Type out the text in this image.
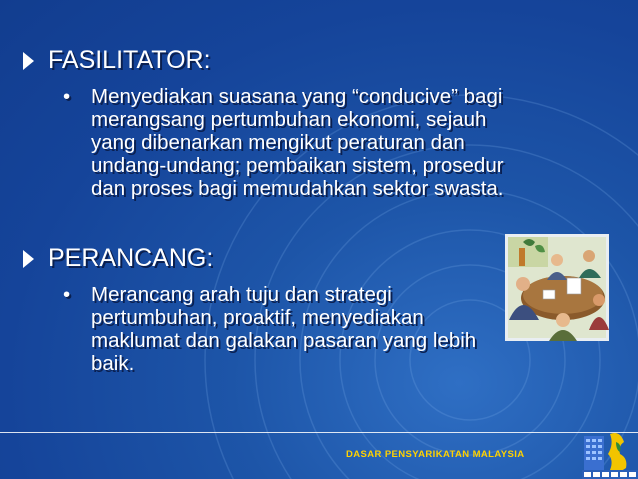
FASILITATOR:
• Menyediakan suasana yang “conducive” bagi
merangsang pertumbuhan ekonomi, sejauh
yang dibenarkan mengikut peraturan dan
undang-undang; pembaikan sistem, prosedur
dan proses bagi memudahkan sektor swasta.
PERANCANG:
• Merancang arah tuju dan strategi
pertumbuhan, proaktif, menyediakan
maklumat dan galakan pasaran yang lebih
baik.
DASAR PENSYARIKATAN MALAYSIA
